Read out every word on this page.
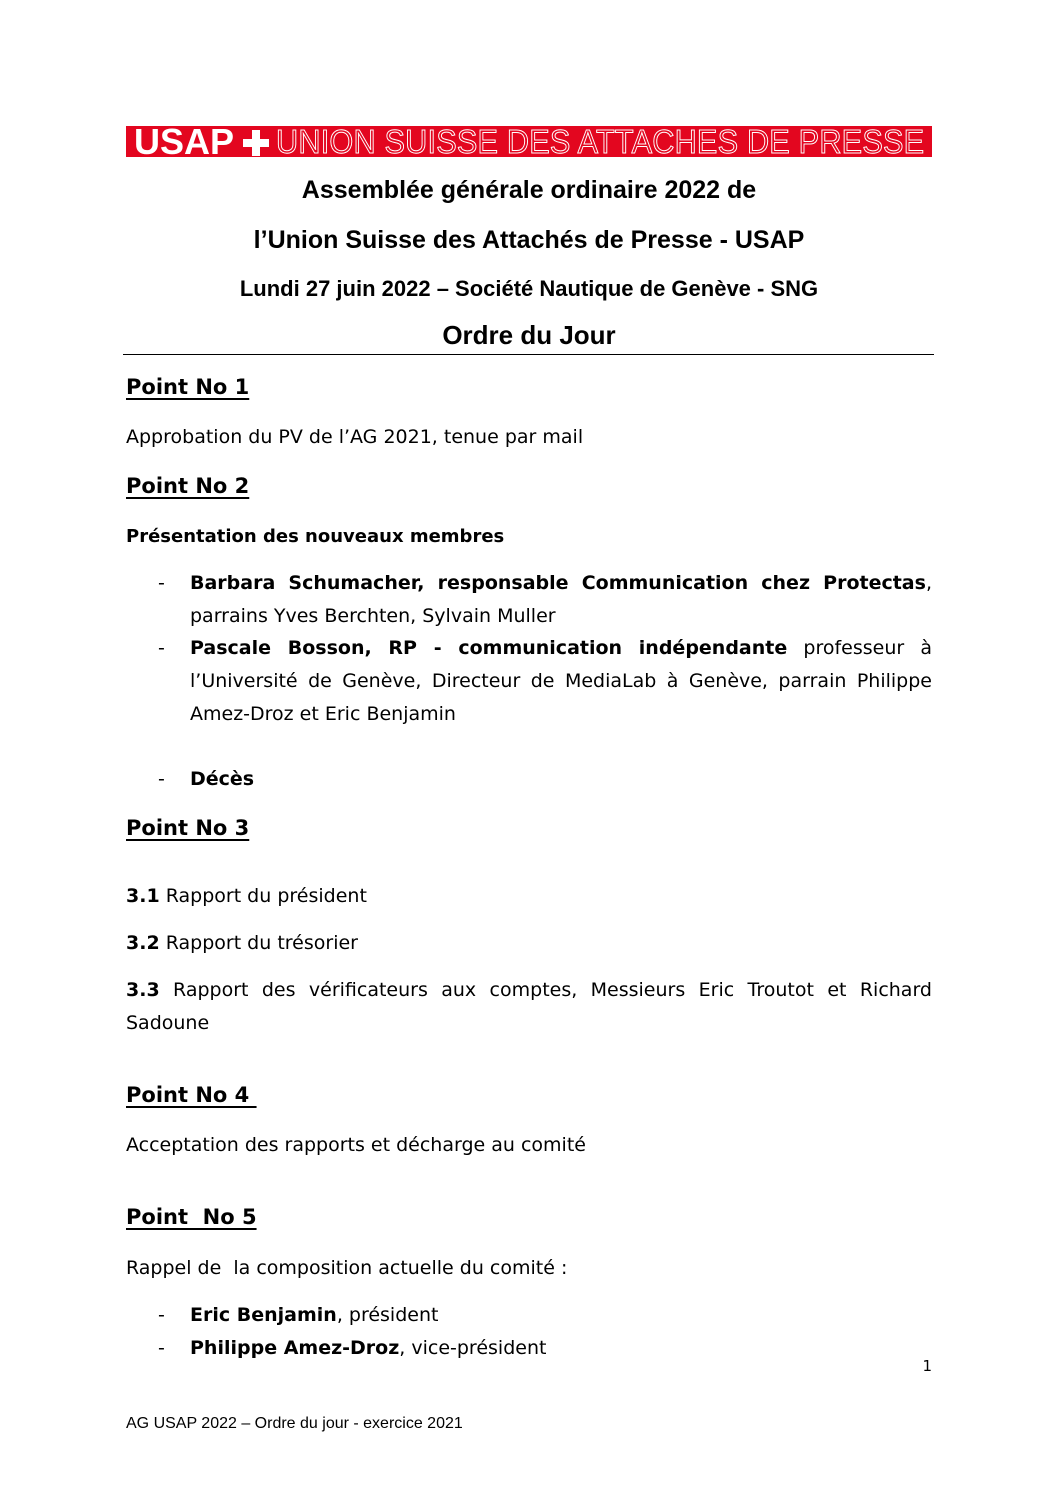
USAP UNION SUISSE DES ATTACHES DE PRESSE
Assemblée générale ordinaire 2022 de
l’Union Suisse des Attachés de Presse - USAP
Lundi 27 juin 2022 – Société Nautique de Genève - SNG
Ordre du Jour
Point No 1
Approbation du PV de l’AG 2021, tenue par mail
Point No 2
Présentation des nouveaux membres
- Barbara Schumacher, responsable Communication chez Protectas, parrains Yves Berchten, Sylvain Muller
- Pascale Bosson, RP - communication indépendante professeur à l’Université de Genève, Directeur de MediaLab à Genève, parrain Philippe Amez-Droz et Eric Benjamin
- Décès
Point No 3
3.1 Rapport du président
3.2 Rapport du trésorier
3.3 Rapport des vérificateurs aux comptes, Messieurs Eric Troutot et Richard Sadoune
Point No 4
Acceptation des rapports et décharge au comité
Point  No 5
Rappel de  la composition actuelle du comité :
- Eric Benjamin, président
- Philippe Amez-Droz, vice-président
1
AG USAP 2022 – Ordre du jour - exercice 2021
